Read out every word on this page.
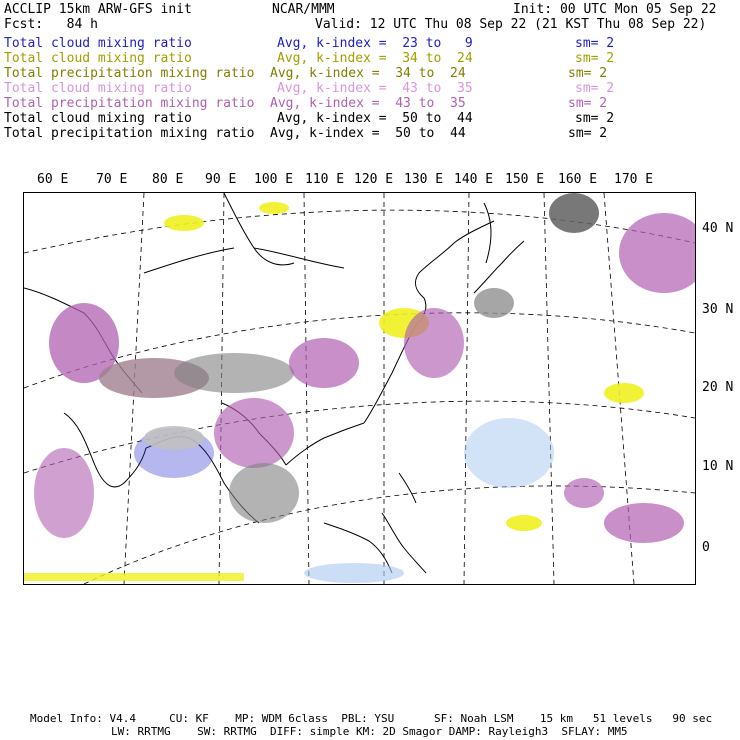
ACCLIP 15km ARW-GFS init	NCAR/MMM	Init: 00 UTC Mon 05 Sep 22
Fcst:   84 h	Valid: 12 UTC Thu 08 Sep 22 (21 KST Thu 08 Sep 22)
Total cloud mixing ratio	Avg, k-index =  23 to   9	sm= 2
Total cloud mixing ratio	Avg, k-index =  34 to  24	sm= 2
Total precipitation mixing ratio Avg, k-index =  34 to  24	sm= 2
Total cloud mixing ratio	Avg, k-index =  43 to  35	sm= 2
Total precipitation mixing ratio Avg, k-index =  43 to  35	sm= 2
Total cloud mixing ratio	Avg, k-index =  50 to  44	sm= 2
Total precipitation mixing ratio Avg, k-index =  50 to  44	sm= 2
60 E 70 E 80 E 90 E 100 E 110 E 120 E 130 E 140 E 150 E 160 E 170 E
40 N
30 N
20 N
10 N
0
Model Info: V4.4     CU: KF    MP: WDM 6class  PBL: YSU      SF: Noah LSM    15 km   51 levels   90 sec
LW: RRTMG    SW: RRTMG  DIFF: simple KM: 2D Smagor DAMP: Rayleigh3  SFLAY: MM5
